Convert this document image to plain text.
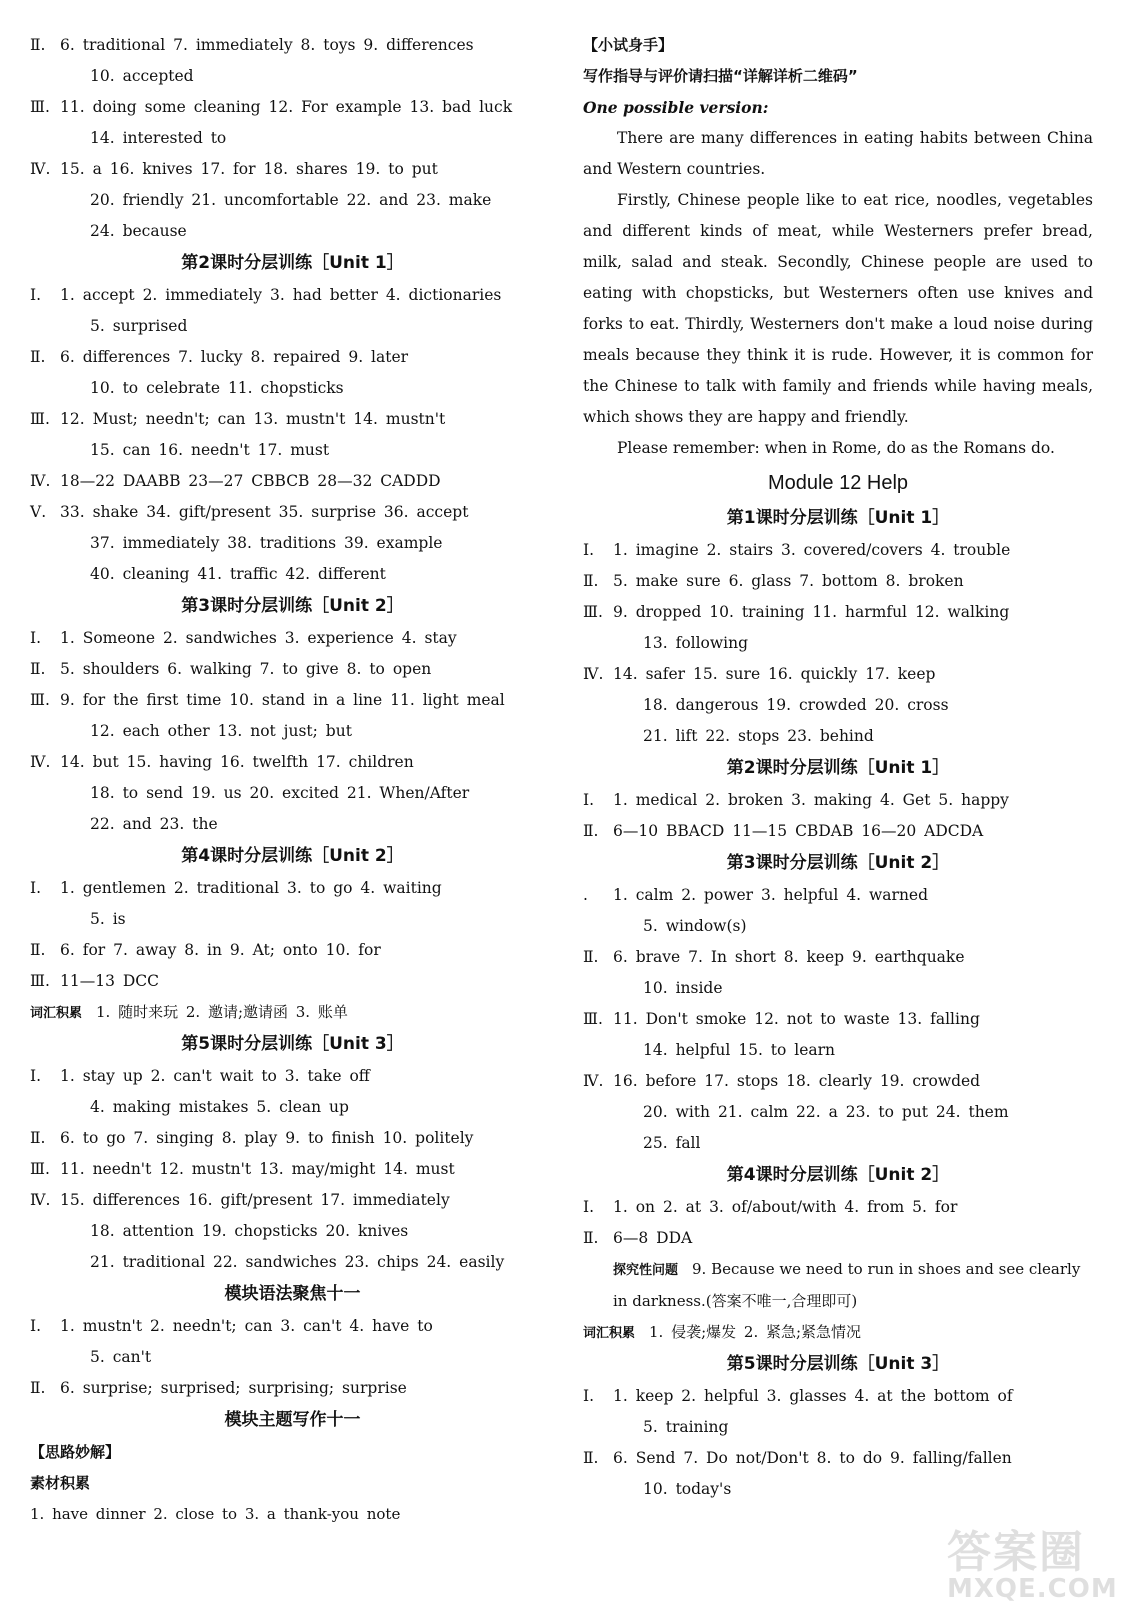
Ⅱ. 6. traditional 7. immediately 8. toys 9. differences
10. accepted
Ⅲ. 11. doing some cleaning 12. For example 13. bad luck
14. interested to
Ⅳ. 15. a 16. knives 17. for 18. shares 19. to put
20. friendly 21. uncomfortable 22. and 23. make
24. because
第2课时分层训练［Unit 1］
Ⅰ. 1. accept 2. immediately 3. had better 4. dictionaries
5. surprised
Ⅱ. 6. differences 7. lucky 8. repaired 9. later
10. to celebrate 11. chopsticks
Ⅲ. 12. Must; needn't; can 13. mustn't 14. mustn't
15. can 16. needn't 17. must
Ⅳ. 18—22 DAABB 23—27 CBBCB 28—32 CADDD
Ⅴ. 33. shake 34. gift/present 35. surprise 36. accept
37. immediately 38. traditions 39. example
40. cleaning 41. traffic 42. different
第3课时分层训练［Unit 2］
Ⅰ. 1. Someone 2. sandwiches 3. experience 4. stay
Ⅱ. 5. shoulders 6. walking 7. to give 8. to open
Ⅲ. 9. for the first time 10. stand in a line 11. light meal
12. each other 13. not just; but
Ⅳ. 14. but 15. having 16. twelfth 17. children
18. to send 19. us 20. excited 21. When/After
22. and 23. the
第4课时分层训练［Unit 2］
Ⅰ. 1. gentlemen 2. traditional 3. to go 4. waiting
5. is
Ⅱ. 6. for 7. away 8. in 9. At; onto 10. for
Ⅲ. 11—13 DCC
词汇积累 1. 随时来玩 2. 邀请;邀请函 3. 账单
第5课时分层训练［Unit 3］
Ⅰ. 1. stay up 2. can't wait to 3. take off
4. making mistakes 5. clean up
Ⅱ. 6. to go 7. singing 8. play 9. to finish 10. politely
Ⅲ. 11. needn't 12. mustn't 13. may/might 14. must
Ⅳ. 15. differences 16. gift/present 17. immediately
18. attention 19. chopsticks 20. knives
21. traditional 22. sandwiches 23. chips 24. easily
模块语法聚焦十一
Ⅰ. 1. mustn't 2. needn't; can 3. can't 4. have to
5. can't
Ⅱ. 6. surprise; surprised; surprising; surprise
模块主题写作十一
【思路妙解】
素材积累
1. have dinner 2. close to 3. a thank-you note
【小试身手】
写作指导与评价请扫描“详解详析二维码”
One possible version:
There are many differences in eating habits between China and Western countries.
Firstly, Chinese people like to eat rice, noodles, vegetables and different kinds of meat, while Westerners prefer bread, milk, salad and steak. Secondly, Chinese people are used to eating with chopsticks, but Westerners often use knives and forks to eat. Thirdly, Westerners don't make a loud noise during meals because they think it is rude. However, it is common for the Chinese to talk with family and friends while having meals, which shows they are happy and friendly.
Please remember: when in Rome, do as the Romans do.
Module 12 Help
第1课时分层训练［Unit 1］
Ⅰ. 1. imagine 2. stairs 3. covered/covers 4. trouble
Ⅱ. 5. make sure 6. glass 7. bottom 8. broken
Ⅲ. 9. dropped 10. training 11. harmful 12. walking
13. following
Ⅳ. 14. safer 15. sure 16. quickly 17. keep
18. dangerous 19. crowded 20. cross
21. lift 22. stops 23. behind
第2课时分层训练［Unit 1］
Ⅰ. 1. medical 2. broken 3. making 4. Get 5. happy
Ⅱ. 6—10 BBACD 11—15 CBDAB 16—20 ADCDA
第3课时分层训练［Unit 2］
. 1. calm 2. power 3. helpful 4. warned
5. window(s)
Ⅱ. 6. brave 7. In short 8. keep 9. earthquake
10. inside
Ⅲ. 11. Don't smoke 12. not to waste 13. falling
14. helpful 15. to learn
Ⅳ. 16. before 17. stops 18. clearly 19. crowded
20. with 21. calm 22. a 23. to put 24. them
25. fall
第4课时分层训练［Unit 2］
Ⅰ. 1. on 2. at 3. of/about/with 4. from 5. for
Ⅱ. 6—8 DDA
探究性问题 9. Because we need to run in shoes and see clearly in darkness.(答案不唯一,合理即可)
词汇积累 1. 侵袭;爆发 2. 紧急;紧急情况
第5课时分层训练［Unit 3］
Ⅰ. 1. keep 2. helpful 3. glasses 4. at the bottom of
5. training
Ⅱ. 6. Send 7. Do not/Don't 8. to do 9. falling/fallen
10. today's
答案圈
MXQE.COM
